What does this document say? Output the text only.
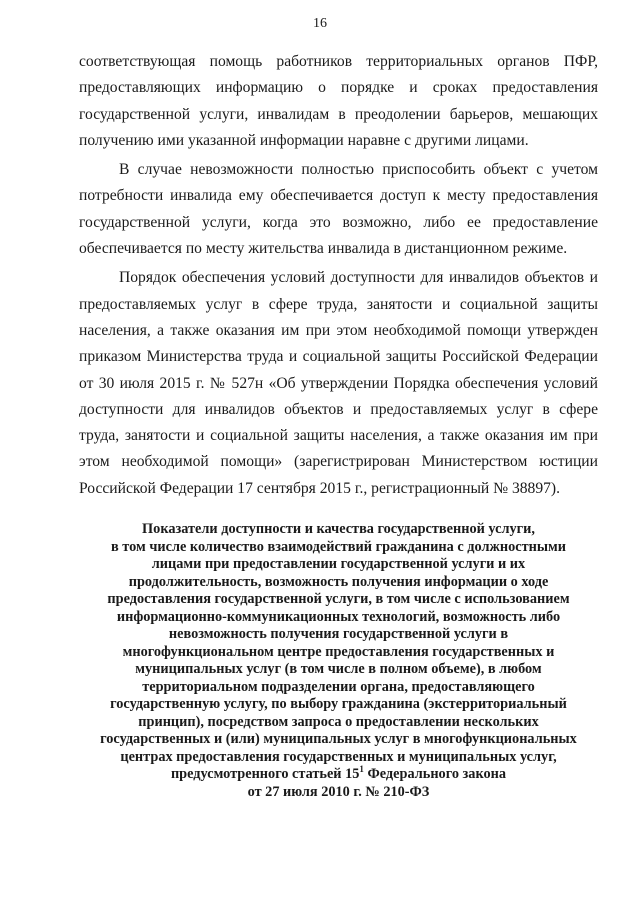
16

соответствующая помощь работников территориальных органов ПФР, предоставляющих информацию о порядке и сроках предоставления государственной услуги, инвалидам в преодолении барьеров, мешающих получению ими указанной информации наравне с другими лицами.

В случае невозможности полностью приспособить объект с учетом потребности инвалида ему обеспечивается доступ к месту предоставления государственной услуги, когда это возможно, либо ее предоставление обеспечивается по месту жительства инвалида в дистанционном режиме.

Порядок обеспечения условий доступности для инвалидов объектов и предоставляемых услуг в сфере труда, занятости и социальной защиты населения, а также оказания им при этом необходимой помощи утвержден приказом Министерства труда и социальной защиты Российской Федерации от 30 июля 2015 г. № 527н «Об утверждении Порядка обеспечения условий доступности для инвалидов объектов и предоставляемых услуг в сфере труда, занятости и социальной защиты населения, а также оказания им при этом необходимой помощи» (зарегистрирован Министерством юстиции Российской Федерации 17 сентября 2015 г., регистрационный № 38897).

Показатели доступности и качества государственной услуги,
в том числе количество взаимодействий гражданина с должностными
лицами при предоставлении государственной услуги и их
продолжительность, возможность получения информации о ходе
предоставления государственной услуги, в том числе с использованием
информационно-коммуникационных технологий, возможность либо
невозможность получения государственной услуги в
многофункциональном центре предоставления государственных и
муниципальных услуг (в том числе в полном объеме), в любом
территориальном подразделении органа, предоставляющего
государственную услугу, по выбору гражданина (экстерриториальный
принцип), посредством запроса о предоставлении нескольких
государственных и (или) муниципальных услуг в многофункциональных
центрах предоставления государственных и муниципальных услуг,
предусмотренного статьей $15^1$ Федерального закона
от 27 июля 2010 г. № 210-ФЗ
